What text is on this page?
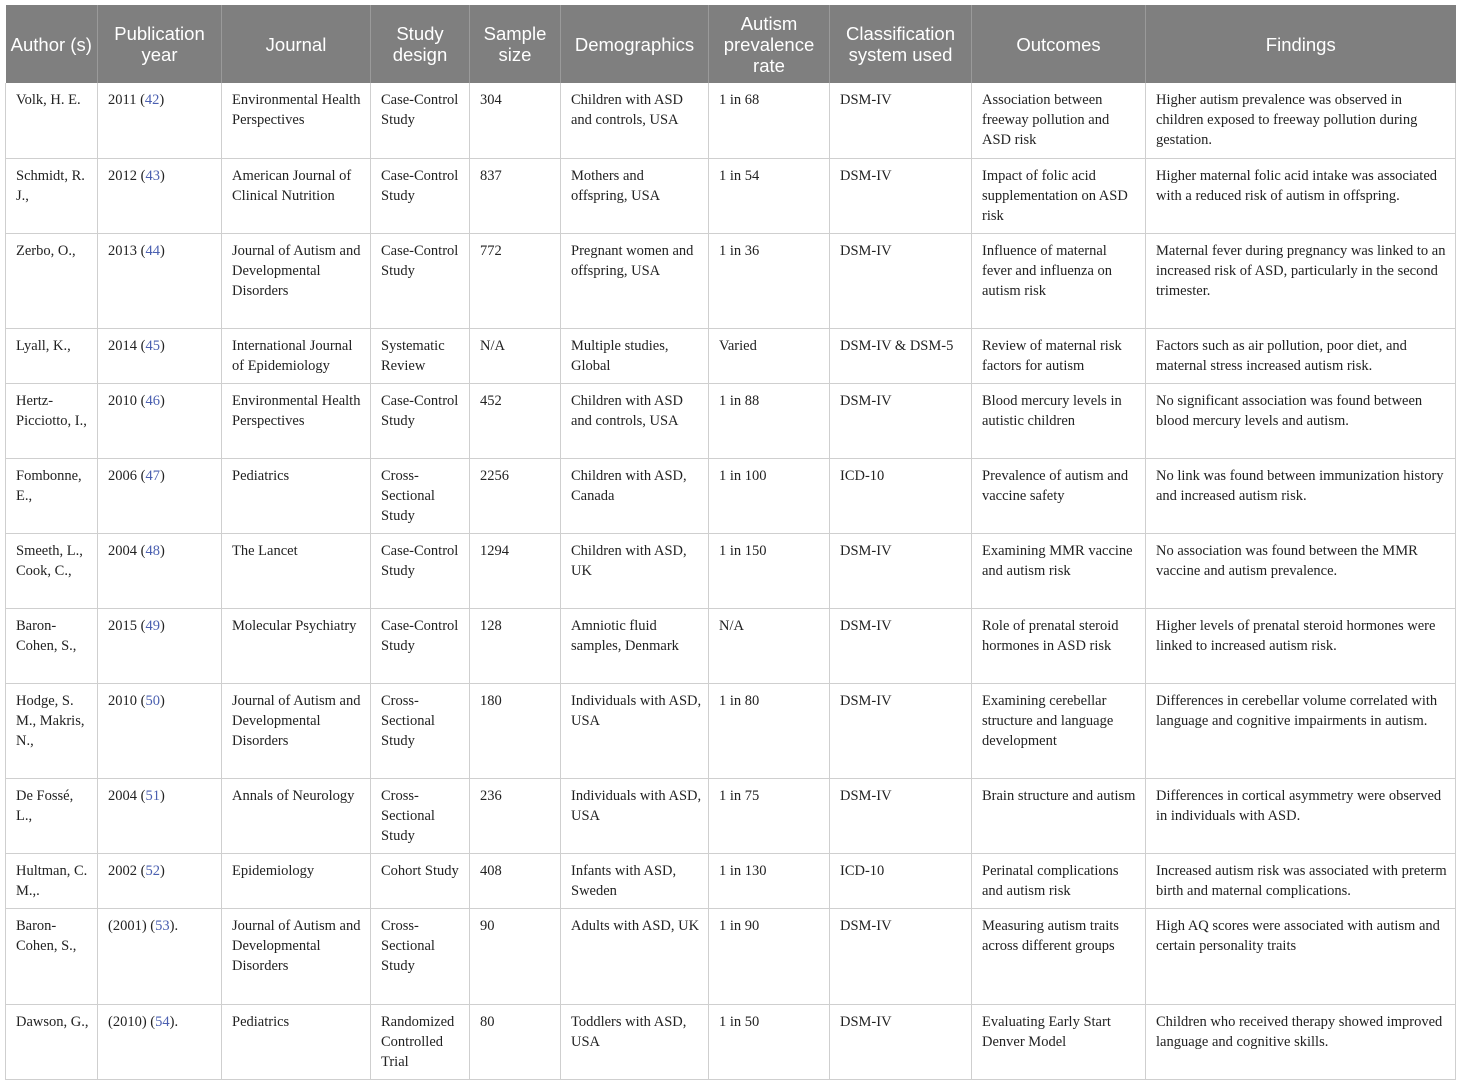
Author (s)	Publication year	Journal	Study design	Sample size	Demographics	Autism prevalence rate	Classification system used	Outcomes	Findings
Volk, H. E.	2011 (42)	Environmental Health Perspectives	Case-Control Study	304	Children with ASD and controls, USA	1 in 68	DSM-IV	Association between freeway pollution and ASD risk	Higher autism prevalence was observed in children exposed to freeway pollution during gestation.
Schmidt, R. J.,	2012 (43)	American Journal of Clinical Nutrition	Case-Control Study	837	Mothers and offspring, USA	1 in 54	DSM-IV	Impact of folic acid supplementation on ASD risk	Higher maternal folic acid intake was associated with a reduced risk of autism in offspring.
Zerbo, O.,	2013 (44)	Journal of Autism and Developmental Disorders	Case-Control Study	772	Pregnant women and offspring, USA	1 in 36	DSM-IV	Influence of maternal fever and influenza on autism risk	Maternal fever during pregnancy was linked to an increased risk of ASD, particularly in the second trimester.
Lyall, K.,	2014 (45)	International Journal of Epidemiology	Systematic Review	N/A	Multiple studies, Global	Varied	DSM-IV & DSM-5	Review of maternal risk factors for autism	Factors such as air pollution, poor diet, and maternal stress increased autism risk.
Hertz-Picciotto, I.,	2010 (46)	Environmental Health Perspectives	Case-Control Study	452	Children with ASD and controls, USA	1 in 88	DSM-IV	Blood mercury levels in autistic children	No significant association was found between blood mercury levels and autism.
Fombonne, E.,	2006 (47)	Pediatrics	Cross-Sectional Study	2256	Children with ASD, Canada	1 in 100	ICD-10	Prevalence of autism and vaccine safety	No link was found between immunization history and increased autism risk.
Smeeth, L., Cook, C.,	2004 (48)	The Lancet	Case-Control Study	1294	Children with ASD, UK	1 in 150	DSM-IV	Examining MMR vaccine and autism risk	No association was found between the MMR vaccine and autism prevalence.
Baron-Cohen, S.,	2015 (49)	Molecular Psychiatry	Case-Control Study	128	Amniotic fluid samples, Denmark	N/A	DSM-IV	Role of prenatal steroid hormones in ASD risk	Higher levels of prenatal steroid hormones were linked to increased autism risk.
Hodge, S. M., Makris, N.,	2010 (50)	Journal of Autism and Developmental Disorders	Cross-Sectional Study	180	Individuals with ASD, USA	1 in 80	DSM-IV	Examining cerebellar structure and language development	Differences in cerebellar volume correlated with language and cognitive impairments in autism.
De Fossé, L.,	2004 (51)	Annals of Neurology	Cross-Sectional Study	236	Individuals with ASD, USA	1 in 75	DSM-IV	Brain structure and autism	Differences in cortical asymmetry were observed in individuals with ASD.
Hultman, C. M.,.	2002 (52)	Epidemiology	Cohort Study	408	Infants with ASD, Sweden	1 in 130	ICD-10	Perinatal complications and autism risk	Increased autism risk was associated with preterm birth and maternal complications.
Baron-Cohen, S.,	(2001) (53).	Journal of Autism and Developmental Disorders	Cross-Sectional Study	90	Adults with ASD, UK	1 in 90	DSM-IV	Measuring autism traits across different groups	High AQ scores were associated with autism and certain personality traits
Dawson, G.,	(2010) (54).	Pediatrics	Randomized Controlled Trial	80	Toddlers with ASD, USA	1 in 50	DSM-IV	Evaluating Early Start Denver Model	Children who received therapy showed improved language and cognitive skills.
